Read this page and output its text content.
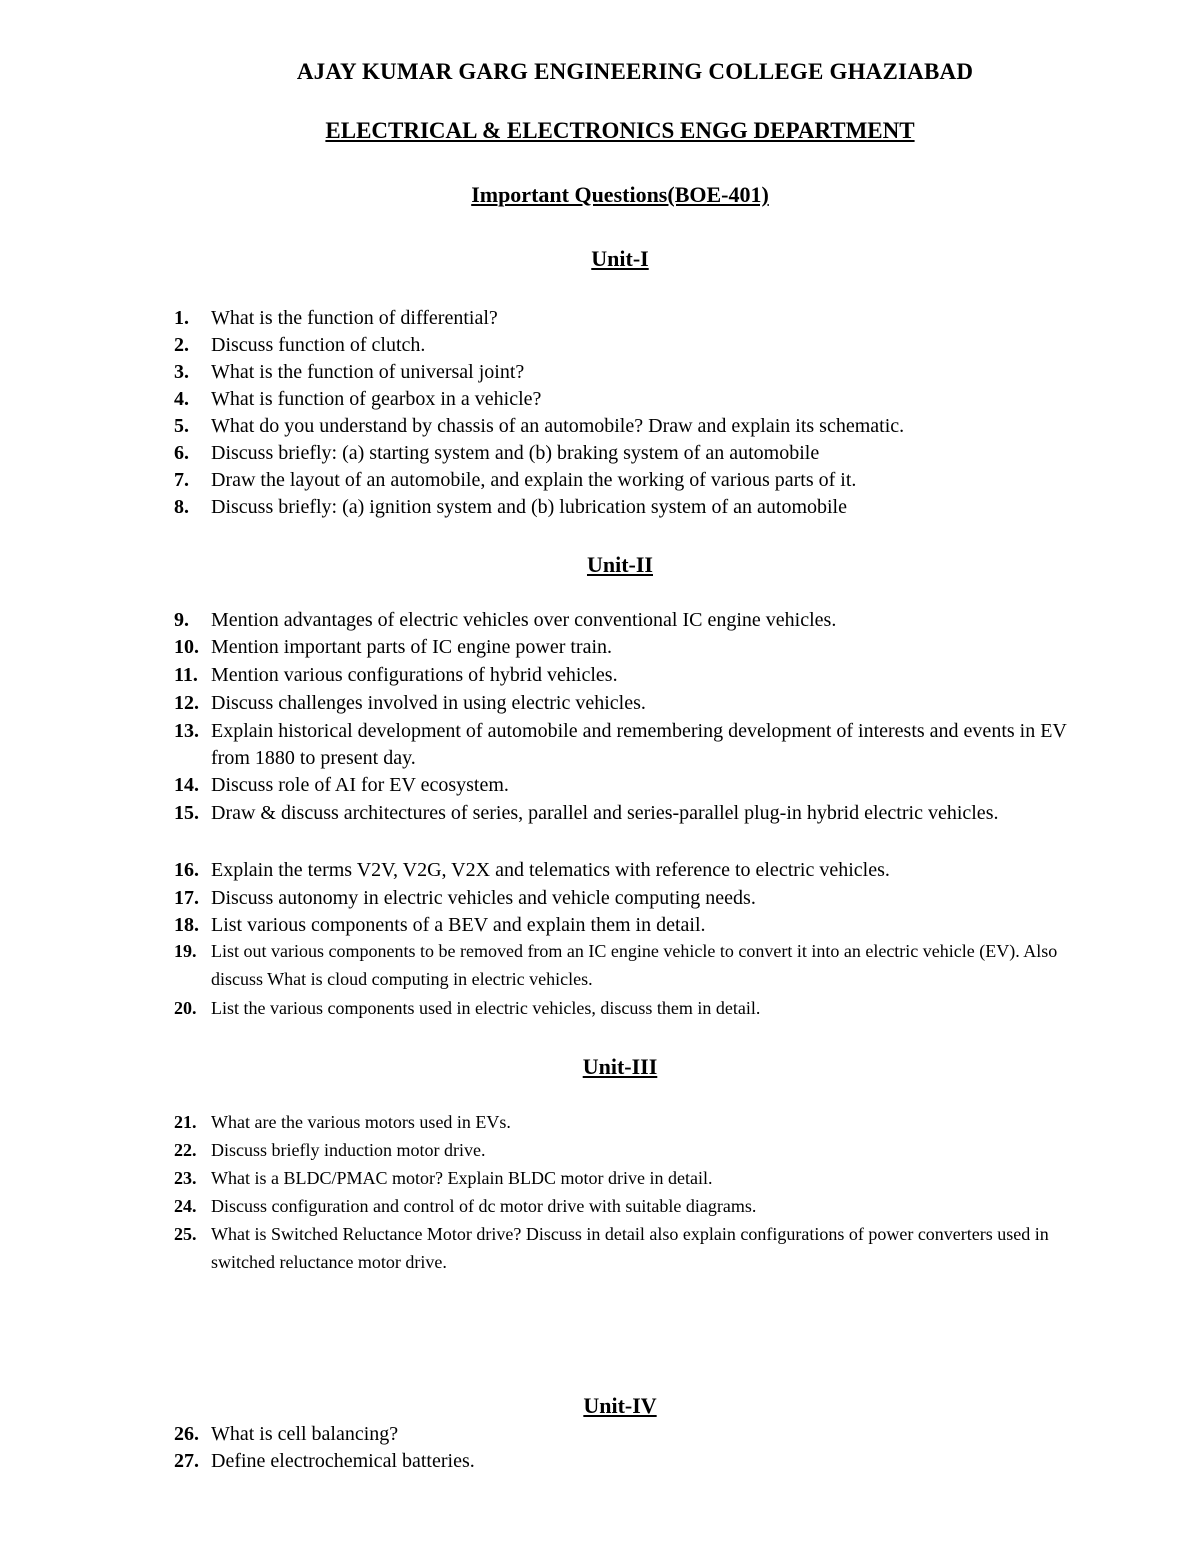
AJAY KUMAR GARG ENGINEERING COLLEGE GHAZIABAD
ELECTRICAL & ELECTRONICS ENGG DEPARTMENT
Important Questions(BOE-401)
Unit-I
1. What is the function of differential?
2. Discuss function of clutch.
3. What is the function of universal joint?
4. What is function of gearbox in a vehicle?
5. What do you understand by chassis of an automobile? Draw and explain its schematic.
6. Discuss briefly: (a) starting system and (b) braking system of an automobile
7. Draw the layout of an automobile, and explain the working of various parts of it.
8. Discuss briefly: (a) ignition system and (b) lubrication system of an automobile
Unit-II
9. Mention advantages of electric vehicles over conventional IC engine vehicles.
10. Mention important parts of IC engine power train.
11. Mention various configurations of hybrid vehicles.
12. Discuss challenges involved in using electric vehicles.
13. Explain historical development of automobile and remembering development of interests and events in EV from 1880 to present day.
14. Discuss role of AI for EV ecosystem.
15. Draw & discuss architectures of series, parallel and series-parallel plug-in hybrid electric vehicles.
16. Explain the terms V2V, V2G, V2X and telematics with reference to electric vehicles.
17. Discuss autonomy in electric vehicles and vehicle computing needs.
18. List various components of a BEV and explain them in detail.
19. List out various components to be removed from an IC engine vehicle to convert it into an electric vehicle (EV). Also discuss What is cloud computing in electric vehicles.
20. List the various components used in electric vehicles, discuss them in detail.
Unit-III
21. What are the various motors used in EVs.
22. Discuss briefly induction motor drive.
23. What is a BLDC/PMAC motor? Explain BLDC motor drive in detail.
24. Discuss configuration and control of dc motor drive with suitable diagrams.
25. What is Switched Reluctance Motor drive? Discuss in detail also explain configurations of power converters used in switched reluctance motor drive.
Unit-IV
26. What is cell balancing?
27. Define electrochemical batteries.
